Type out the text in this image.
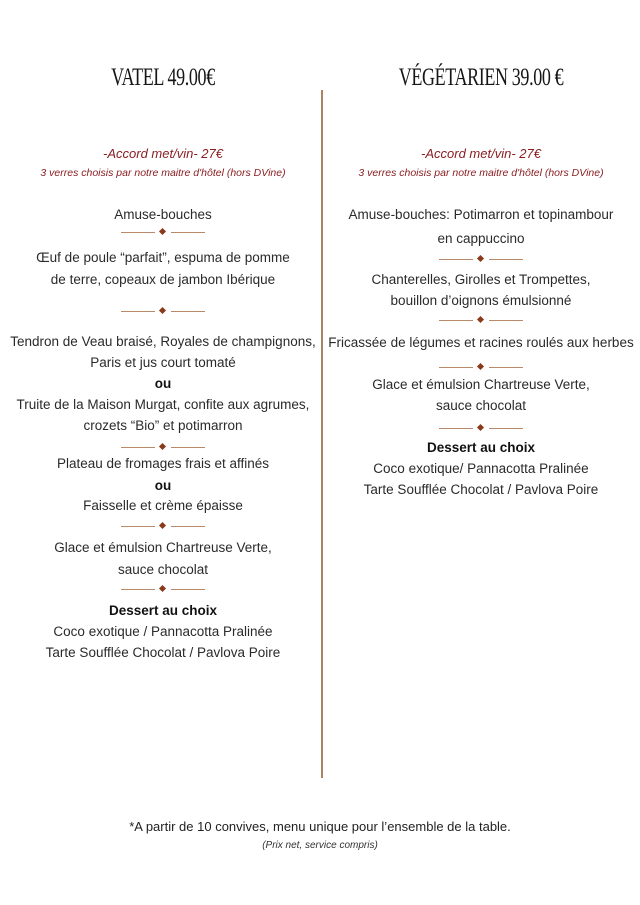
VATEL 49.00€
-Accord met/vin- 27€
3 verres choisis par notre maitre d'hôtel (hors DVine)
Amuse-bouches
Œuf de poule “parfait”, espuma de pomme
de terre, copeaux de jambon Ibérique
Tendron de Veau braisé, Royales de champignons,
Paris et jus court tomaté
ou
Truite de la Maison Murgat, confite aux agrumes,
crozets “Bio” et potimarron
Plateau de fromages frais et affinés
ou
Faisselle et crème épaisse
Glace et émulsion Chartreuse Verte,
sauce chocolat
Dessert au choix
Coco exotique / Pannacotta Pralinée
Tarte Soufflée Chocolat / Pavlova Poire
VÉGÉTARIEN 39.00 €
-Accord met/vin- 27€
3 verres choisis par notre maitre d'hôtel (hors DVine)
Amuse-bouches: Potimarron et topinambour
en cappuccino
Chanterelles, Girolles et Trompettes,
bouillon d’oignons émulsionné
Fricassée de légumes et racines roulés aux herbes
Glace et émulsion Chartreuse Verte,
sauce chocolat
Dessert au choix
Coco exotique/ Pannacotta Pralinée
Tarte Soufflée Chocolat / Pavlova Poire
*A partir de 10 convives, menu unique pour l’ensemble de la table.
(Prix net, service compris)
